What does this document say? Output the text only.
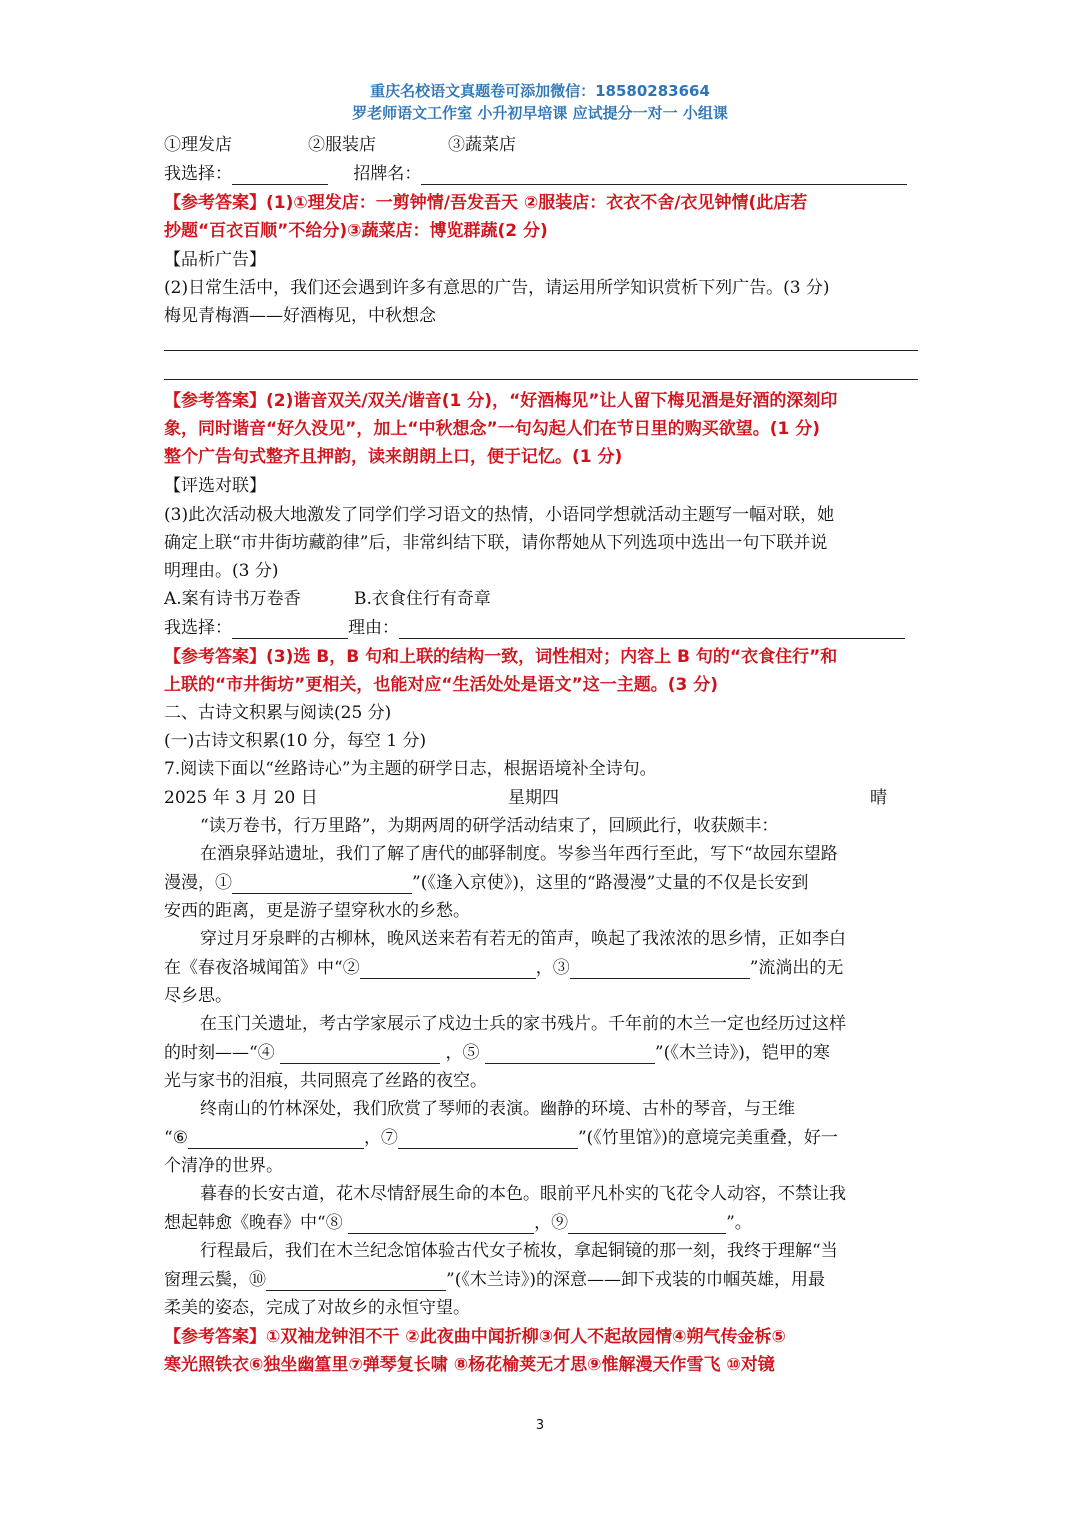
重庆名校语文真题卷可添加微信：18580283664
罗老师语文工作室 小升初早培课 应试提分一对一 小组课
①理发店	②服装店	③蔬菜店
我选择：	招牌名：
【参考答案】(1)①理发店：一剪钟情/吾发吾天 ②服装店：衣衣不舍/衣见钟情(此店若
抄题“百衣百顺”不给分)③蔬菜店：博览群蔬(2 分)
【品析广告】
(2)日常生活中，我们还会遇到许多有意思的广告，请运用所学知识赏析下列广告。(3 分)
梅见青梅酒——好酒梅见，中秋想念
【参考答案】(2)谐音双关/双关/谐音(1 分)，“好酒梅见”让人留下梅见酒是好酒的深刻印
象，同时谐音“好久没见”，加上“中秋想念”一句勾起人们在节日里的购买欲望。(1 分)
整个广告句式整齐且押韵，读来朗朗上口，便于记忆。(1 分)
【评选对联】
(3)此次活动极大地激发了同学们学习语文的热情，小语同学想就活动主题写一幅对联，她
确定上联“市井街坊藏韵律”后，非常纠结下联，请你帮她从下列选项中选出一句下联并说
明理由。(3 分)
A.案有诗书万卷香	B.衣食住行有奇章
我选择：	理由：
【参考答案】(3)选 B，B 句和上联的结构一致，词性相对；内容上 B 句的“衣食住行”和
上联的“市井街坊”更相关，也能对应“生活处处是语文”这一主题。(3 分)
二、古诗文积累与阅读(25 分)
(一)古诗文积累(10 分，每空 1 分)
7.阅读下面以“丝路诗心”为主题的研学日志，根据语境补全诗句。
2025 年 3 月 20 日	星期四	晴
“读万卷书，行万里路”，为期两周的研学活动结束了，回顾此行，收获颇丰：
在酒泉驿站遗址，我们了解了唐代的邮驿制度。岑参当年西行至此，写下“故园东望路
漫漫，①	”(《逢入京使》)，这里的“路漫漫”丈量的不仅是长安到
安西的距离，更是游子望穿秋水的乡愁。
穿过月牙泉畔的古柳林，晚风送来若有若无的笛声，唤起了我浓浓的思乡情，正如李白
在《春夜洛城闻笛》中“②	，③	”流淌出的无
尽乡思。
在玉门关遗址，考古学家展示了戍边士兵的家书残片。千年前的木兰一定也经历过这样
的时刻——“④	，⑤	”(《木兰诗》)，铠甲的寒
光与家书的泪痕，共同照亮了丝路的夜空。
终南山的竹林深处，我们欣赏了琴师的表演。幽静的环境、古朴的琴音，与王维
“⑥	，⑦	”(《竹里馆》)的意境完美重叠，好一
个清净的世界。
暮春的长安古道，花木尽情舒展生命的本色。眼前平凡朴实的飞花令人动容，不禁让我
想起韩愈《晚春》中“⑧	，⑨	”。
行程最后，我们在木兰纪念馆体验古代女子梳妆，拿起铜镜的那一刻，我终于理解“当
窗理云鬓，⑩	”(《木兰诗》)的深意——卸下戎装的巾帼英雄，用最
柔美的姿态，完成了对故乡的永恒守望。
【参考答案】①双袖龙钟泪不干 ②此夜曲中闻折柳③何人不起故园情④朔气传金柝⑤
寒光照铁衣⑥独坐幽篁里⑦弹琴复长啸 ⑧杨花榆荚无才思⑨惟解漫天作雪飞 ⑩对镜
3
